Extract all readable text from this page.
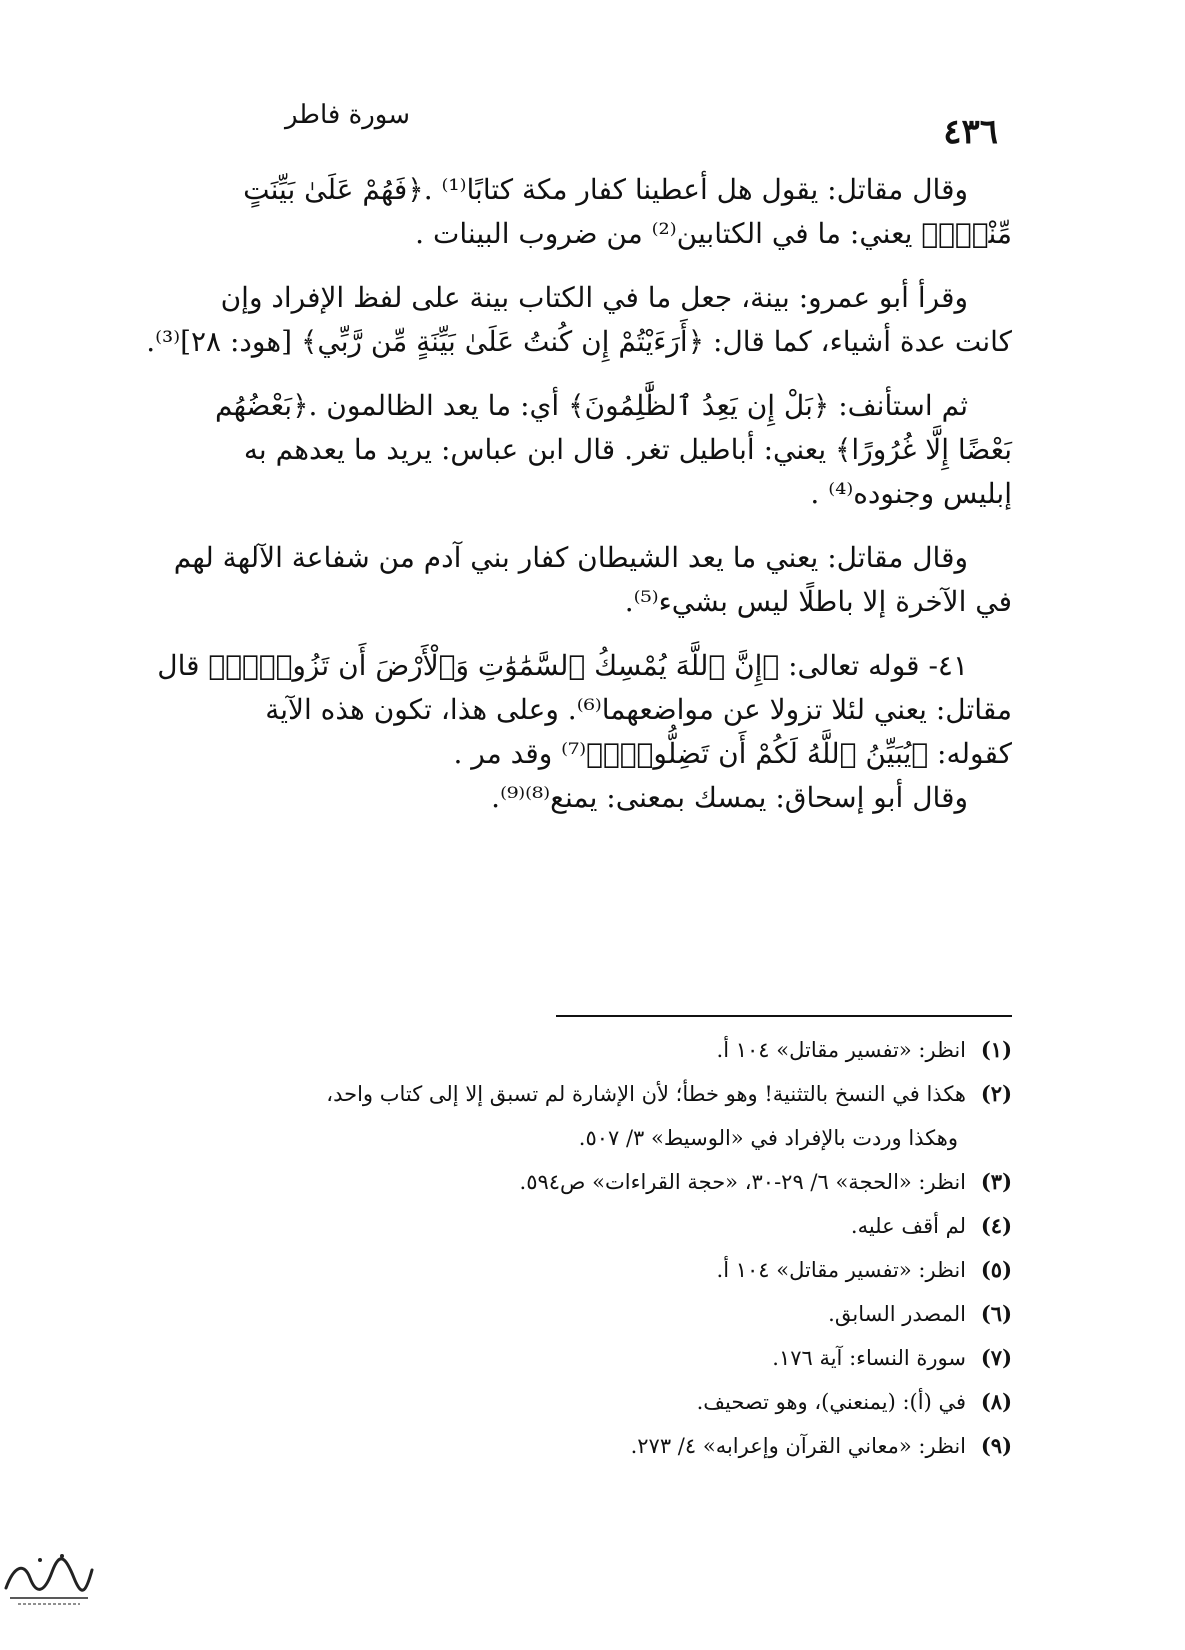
سورة فاطر	٤٣٦
وقال مقاتل: يقول هل أعطينا كفار مكة كتابًا⁽¹⁾ .﴿فَهُمْ عَلَىٰ بَيِّنَتٍ
مِّنْهُۚ﴾ يعني: ما في الكتابين⁽²⁾ من ضروب البينات .
وقرأ أبو عمرو: بينة، جعل ما في الكتاب بينة على لفظ الإفراد وإن
كانت عدة أشياء، كما قال: ﴿أَرَءَيْتُمْ إِن كُنتُ عَلَىٰ بَيِّنَةٍ مِّن رَّبِّي﴾ [هود: ٢٨]⁽³⁾.
ثم استأنف: ﴿بَلْ إِن يَعِدُ ٱلظَّٰلِمُونَ﴾ أي: ما يعد الظالمون .﴿بَعْضُهُم
بَعْضًا إِلَّا غُرُورًا﴾ يعني: أباطيل تغر. قال ابن عباس: يريد ما يعدهم به
إبليس وجنوده⁽⁴⁾ .
وقال مقاتل: يعني ما يعد الشيطان كفار بني آدم من شفاعة الآلهة لهم
في الآخرة إلا باطلًا ليس بشيء⁽⁵⁾.
٤١- قوله تعالى: ﴿إِنَّ ٱللَّهَ يُمْسِكُ ٱلسَّمَٰوَٰتِ وَٱلْأَرْضَ أَن تَزُولَاۚ﴾ قال
مقاتل: يعني لئلا تزولا عن مواضعهما⁽⁶⁾. وعلى هذا، تكون هذه الآية
كقوله: ﴿يُبَيِّنُ ٱللَّهُ لَكُمْ أَن تَضِلُّواْۗ﴾⁽⁷⁾ وقد مر .
وقال أبو إسحاق: يمسك بمعنى: يمنع⁽⁸⁾⁽⁹⁾.
(١)
انظر: «تفسير مقاتل» ١٠٤ أ.
(٢)
هكذا في النسخ بالتثنية! وهو خطأ؛ لأن الإشارة لم تسبق إلا إلى كتاب واحد،
وهكذا وردت بالإفراد في «الوسيط» ٣/ ٥٠٧.
(٣)
انظر: «الحجة» ٦/ ٢٩-٣٠، «حجة القراءات» ص٥٩٤.
(٤)
لم أقف عليه.
(٥)
انظر: «تفسير مقاتل» ١٠٤ أ.
(٦)
المصدر السابق.
(٧)
سورة النساء: آية ١٧٦.
(٨)
في (أ): (يمنعني)، وهو تصحيف.
(٩)
انظر: «معاني القرآن وإعرابه» ٤/ ٢٧٣.
